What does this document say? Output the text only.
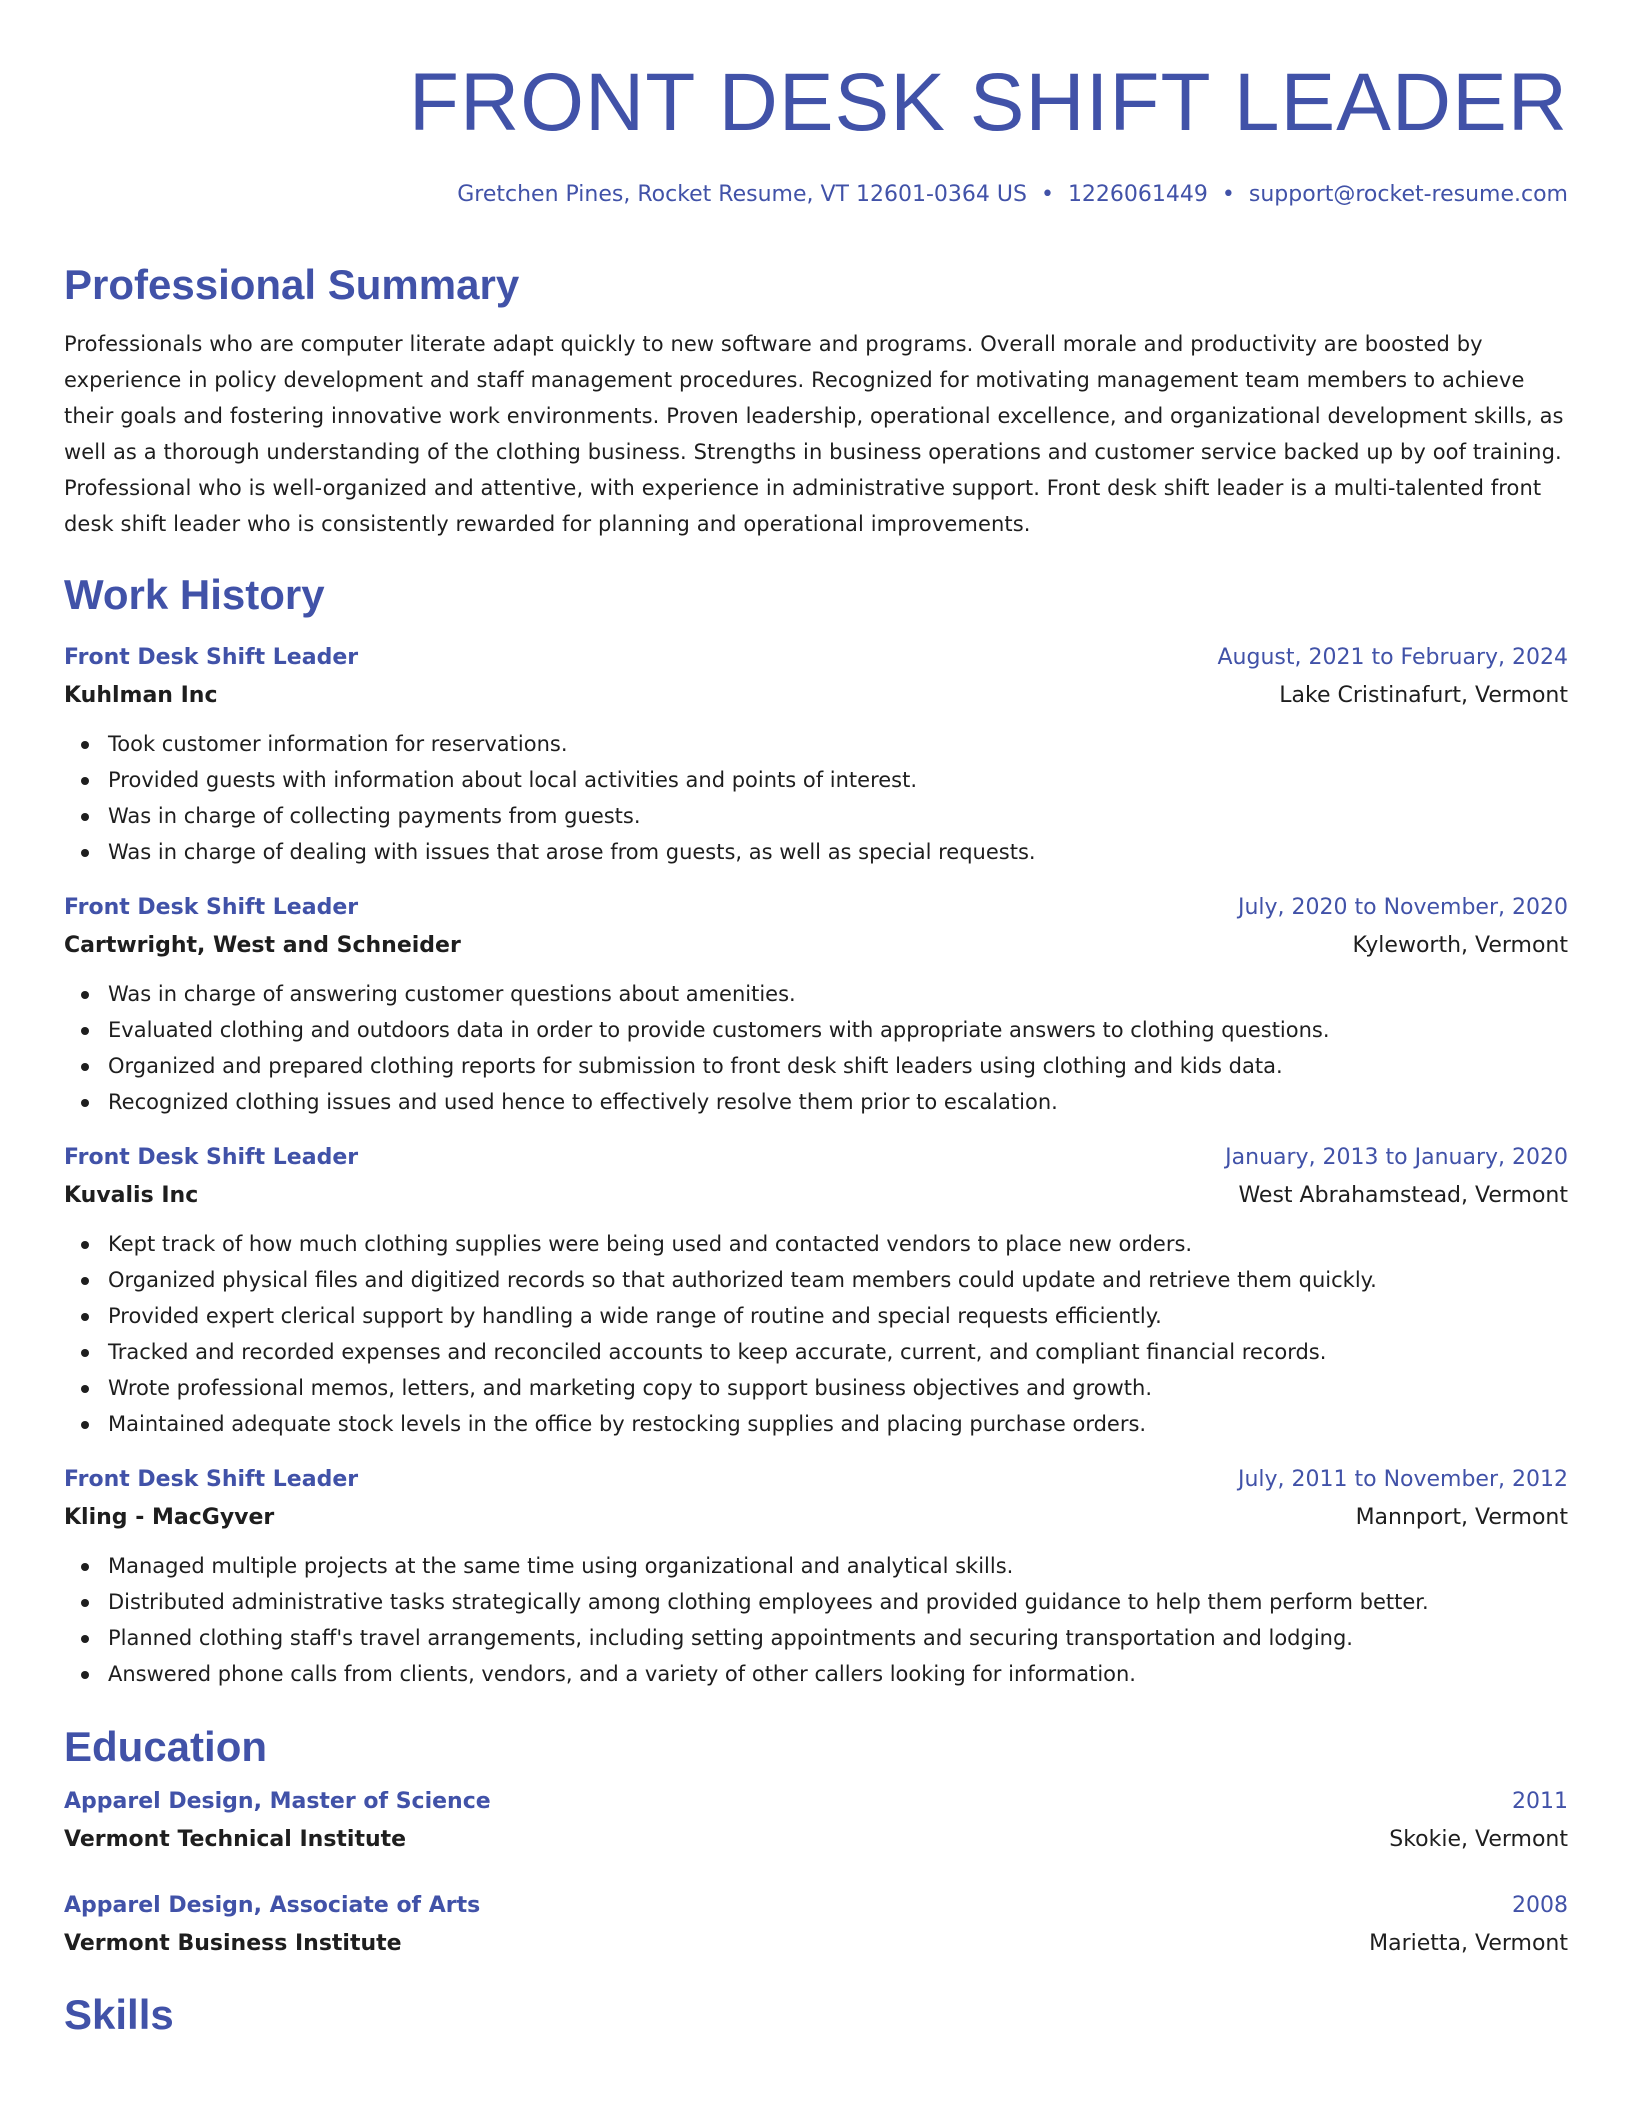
FRONT DESK SHIFT LEADER
Gretchen Pines, Rocket Resume, VT 12601-0364 US • 1226061449 • support@rocket-resume.com
Professional Summary

Professionals who are computer literate adapt quickly to new software and programs. Overall morale and productivity are boosted by experience in policy development and staff management procedures. Recognized for motivating management team members to achieve their goals and fostering innovative work environments. Proven leadership, operational excellence, and organizational development skills, as well as a thorough understanding of the clothing business. Strengths in business operations and customer service backed up by oof training. Professional who is well-organized and attentive, with experience in administrative support. Front desk shift leader is a multi-talented front desk shift leader who is consistently rewarded for planning and operational improvements.

Work History
Front Desk Shift Leader	August, 2021 to February, 2024
Kuhlman Inc	Lake Cristinafurt, Vermont
Took customer information for reservations.
Provided guests with information about local activities and points of interest.
Was in charge of collecting payments from guests.
Was in charge of dealing with issues that arose from guests, as well as special requests.
Front Desk Shift Leader	July, 2020 to November, 2020
Cartwright, West and Schneider	Kyleworth, Vermont
Was in charge of answering customer questions about amenities.
Evaluated clothing and outdoors data in order to provide customers with appropriate answers to clothing questions.
Organized and prepared clothing reports for submission to front desk shift leaders using clothing and kids data.
Recognized clothing issues and used hence to effectively resolve them prior to escalation.
Front Desk Shift Leader	January, 2013 to January, 2020
Kuvalis Inc	West Abrahamstead, Vermont
Kept track of how much clothing supplies were being used and contacted vendors to place new orders.
Organized physical files and digitized records so that authorized team members could update and retrieve them quickly.
Provided expert clerical support by handling a wide range of routine and special requests efficiently.
Tracked and recorded expenses and reconciled accounts to keep accurate, current, and compliant financial records.
Wrote professional memos, letters, and marketing copy to support business objectives and growth.
Maintained adequate stock levels in the office by restocking supplies and placing purchase orders.
Front Desk Shift Leader	July, 2011 to November, 2012
Kling - MacGyver	Mannport, Vermont
Managed multiple projects at the same time using organizational and analytical skills.
Distributed administrative tasks strategically among clothing employees and provided guidance to help them perform better.
Planned clothing staff's travel arrangements, including setting appointments and securing transportation and lodging.
Answered phone calls from clients, vendors, and a variety of other callers looking for information.
Education
Apparel Design, Master of Science	2011
Vermont Technical Institute	Skokie, Vermont
Apparel Design, Associate of Arts	2008
Vermont Business Institute	Marietta, Vermont
Skills
